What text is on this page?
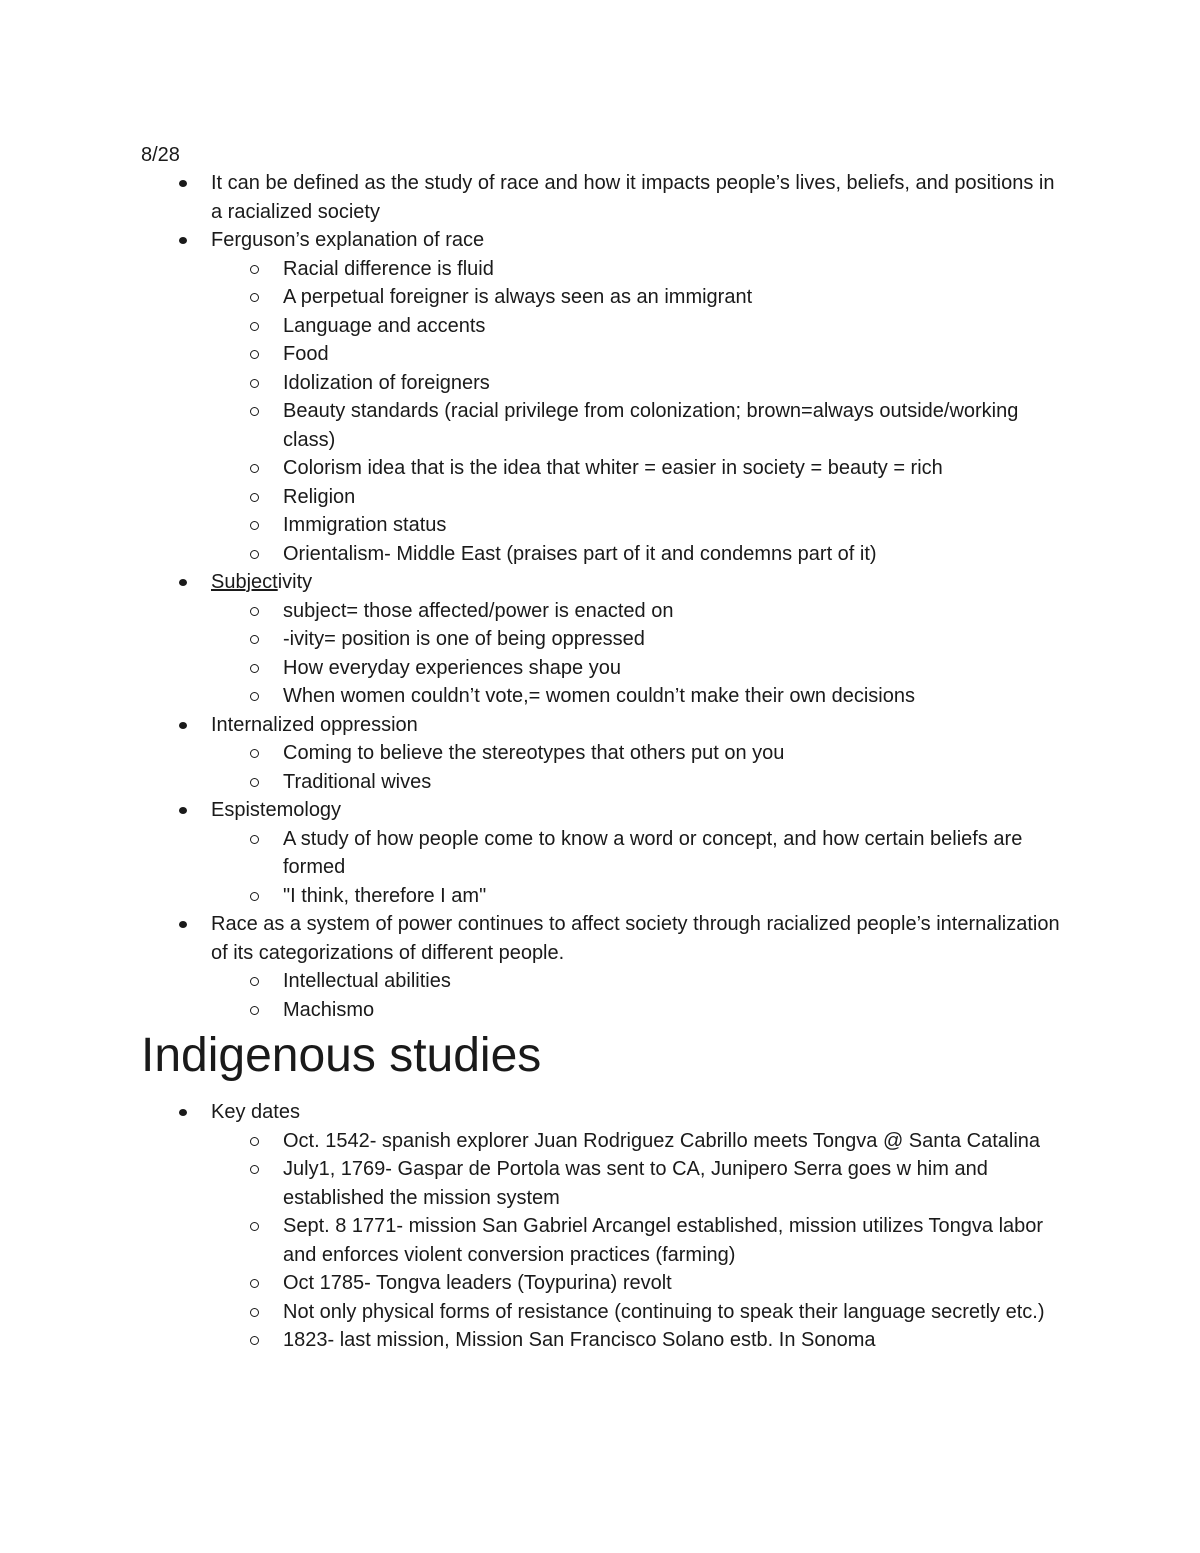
8/28
It can be defined as the study of race and how it impacts people’s lives, beliefs, and positions in a racialized society
Ferguson’s explanation of race
Racial difference is fluid
A perpetual foreigner is always seen as an immigrant
Language and accents
Food
Idolization of foreigners
Beauty standards (racial privilege from colonization; brown=always outside/working class)
Colorism idea that is the idea that whiter = easier in society = beauty = rich
Religion
Immigration status
Orientalism- Middle East (praises part of it and condemns part of it)
Subjectivity
subject= those affected/power is enacted on
-ivity= position is one of being oppressed
How everyday experiences shape you
When women couldn’t vote,= women couldn’t make their own decisions
Internalized oppression
Coming to believe the stereotypes that others put on you
Traditional wives
Espistemology
A study of how people come to know a word or concept, and how certain beliefs are formed
"I think, therefore I am"
Race as a system of power continues to affect society through racialized people’s internalization of its categorizations of different people.
Intellectual abilities
Machismo
Indigenous studies
Key dates
Oct. 1542- spanish explorer Juan Rodriguez Cabrillo meets Tongva @ Santa Catalina
July1, 1769- Gaspar de Portola was sent to CA, Junipero Serra goes w him and established the mission system
Sept. 8 1771- mission San Gabriel Arcangel established, mission utilizes Tongva labor and enforces violent conversion practices (farming)
Oct 1785- Tongva leaders (Toypurina) revolt
Not only physical forms of resistance (continuing to speak their language secretly etc.)
1823- last mission, Mission San Francisco Solano estb. In Sonoma
